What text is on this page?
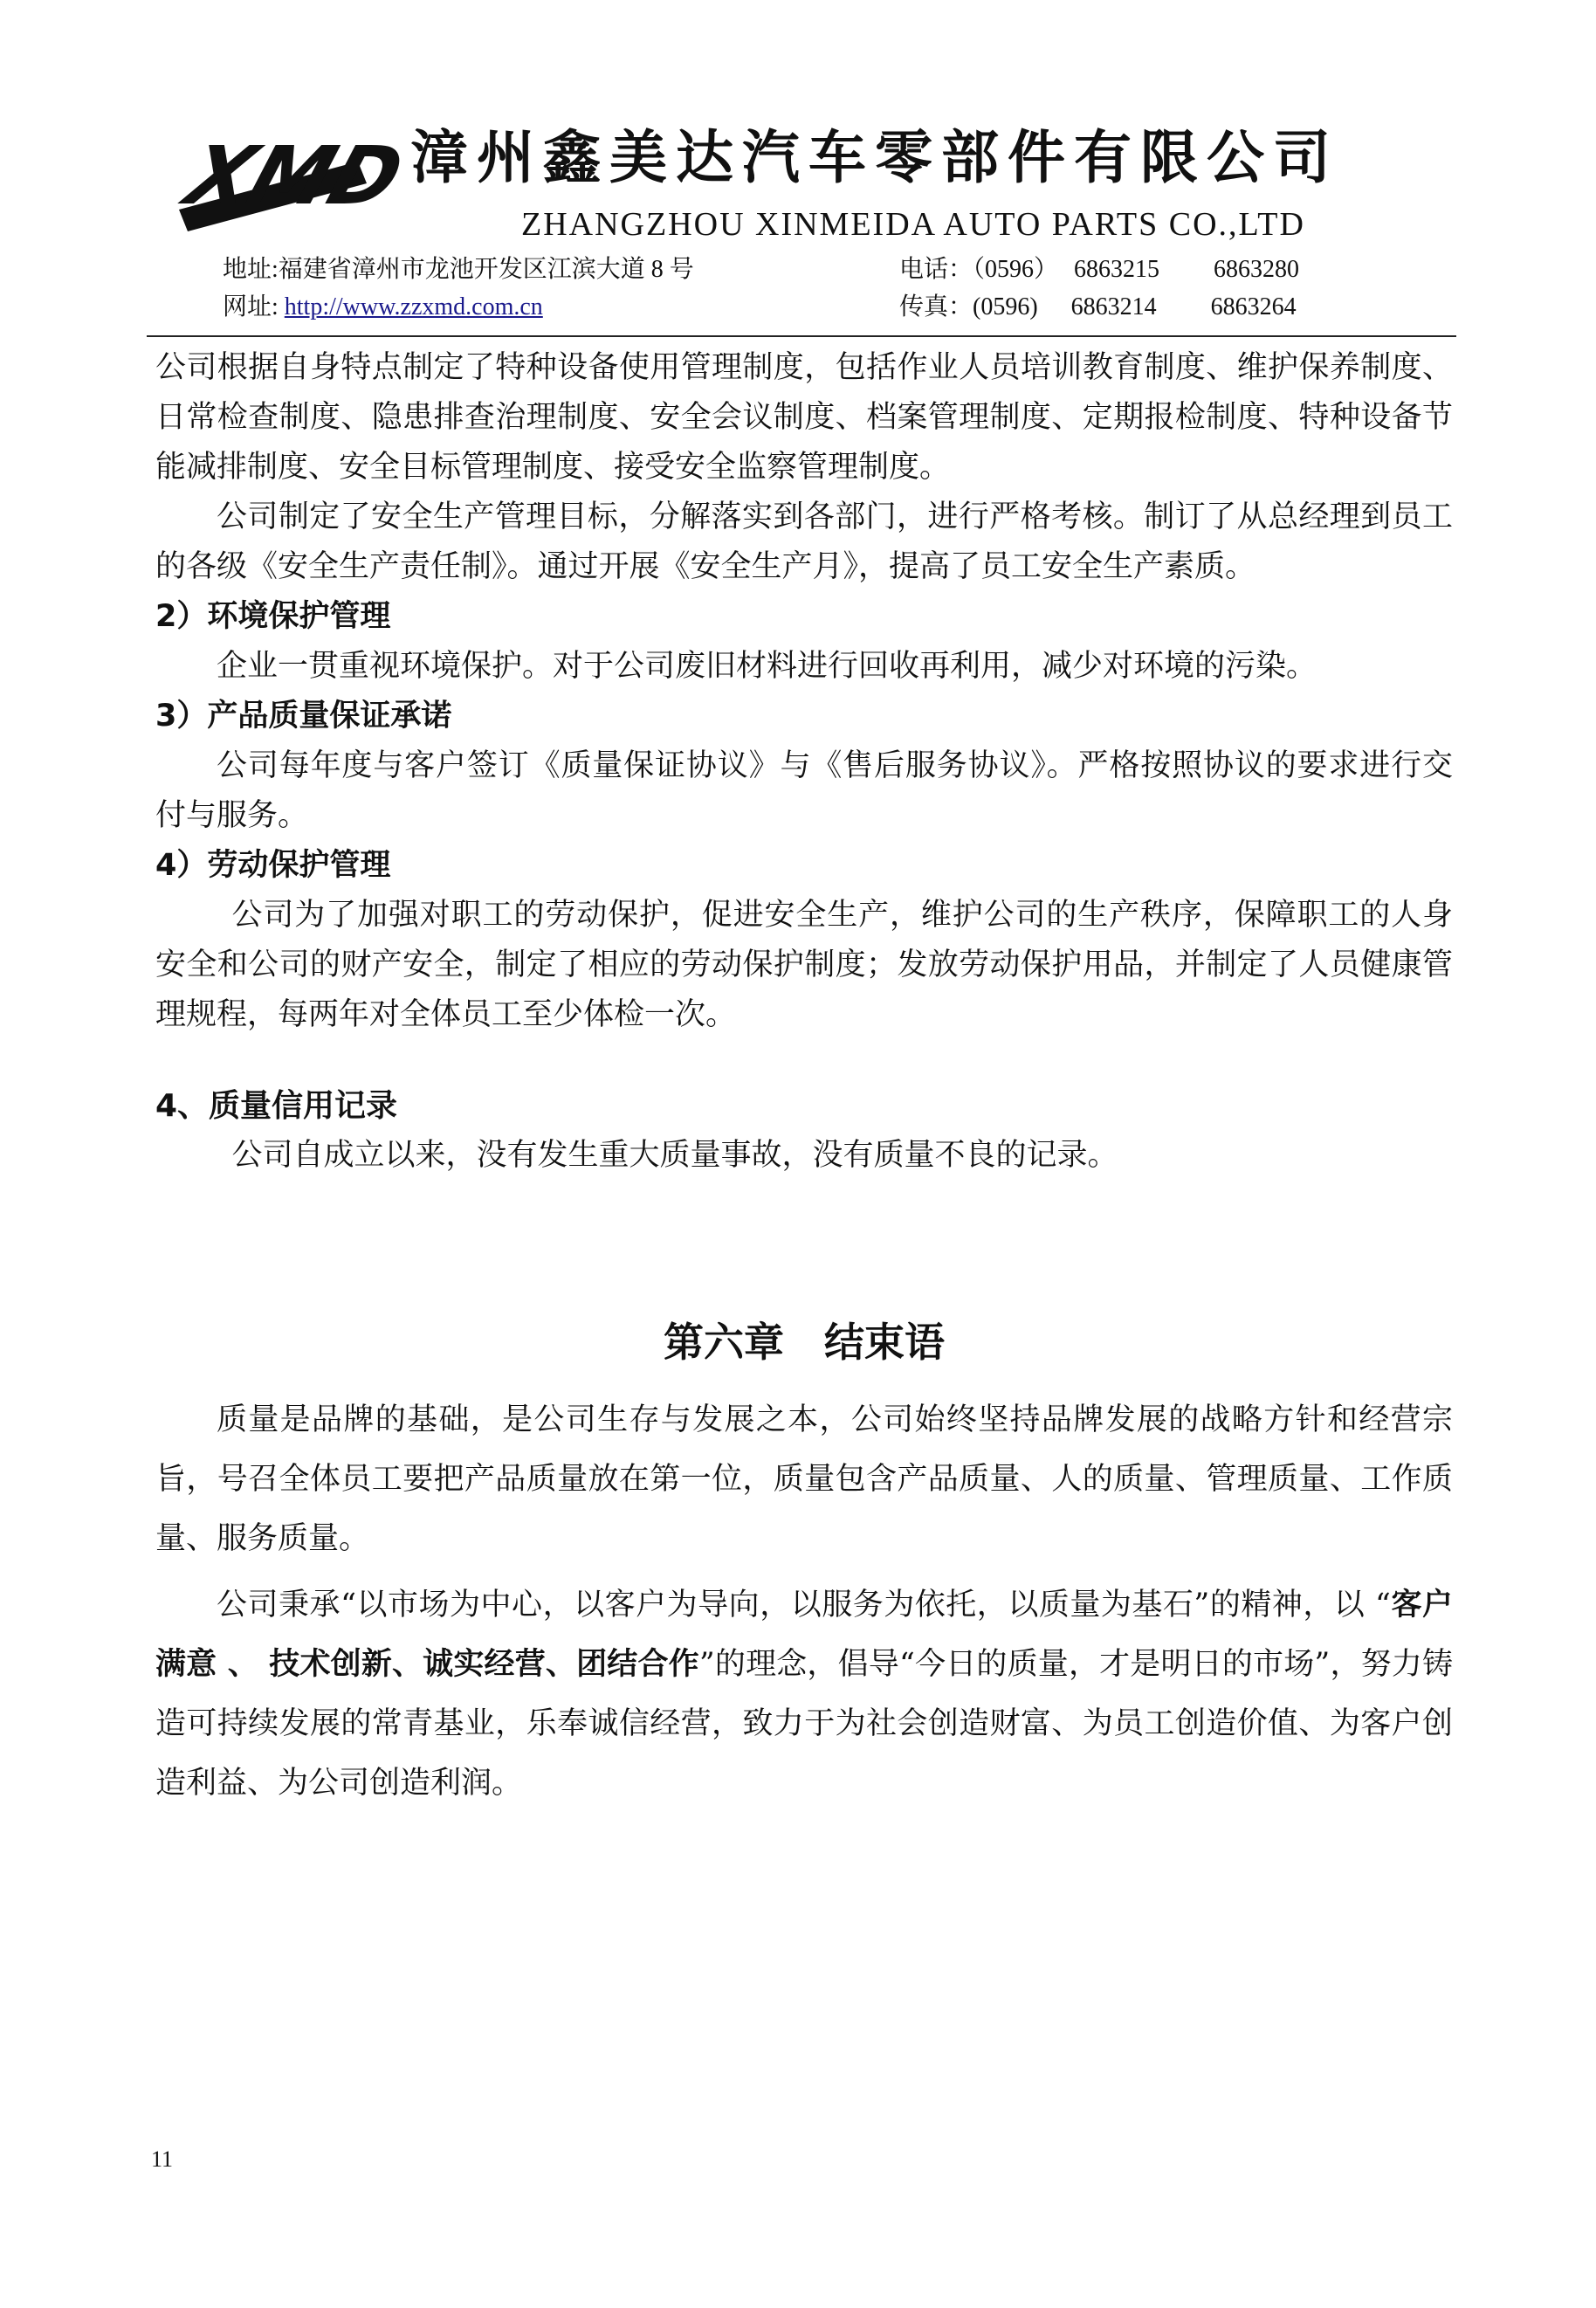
XMD
漳州鑫美达汽车零部件有限公司
ZHANGZHOU XINMEIDA AUTO PARTS CO.,LTD
地址:福建省漳州市龙池开发区江滨大道 8 号	电话：（0596） 6863215 6863280
网址: http://www.zzxmd.com.cn	传真：(0596) 6863214 6863264

公司根据自身特点制定了特种设备使用管理制度，包括作业人员培训教育制度、维护保养制度、日常检查制度、隐患排查治理制度、安全会议制度、档案管理制度、定期报检制度、特种设备节能减排制度、安全目标管理制度、接受安全监察管理制度。

公司制定了安全生产管理目标，分解落实到各部门，进行严格考核。制订了从总经理到员工的各级《安全生产责任制》。通过开展《安全生产月》，提高了员工安全生产素质。

2）环境保护管理

企业一贯重视环境保护。对于公司废旧材料进行回收再利用，减少对环境的污染。

3）产品质量保证承诺

公司每年度与客户签订《质量保证协议》与《售后服务协议》。严格按照协议的要求进行交付与服务。

4）劳动保护管理

公司为了加强对职工的劳动保护，促进安全生产，维护公司的生产秩序，保障职工的人身安全和公司的财产安全，制定了相应的劳动保护制度；发放劳动保护用品，并制定了人员健康管理规程，每两年对全体员工至少体检一次。

4、质量信用记录

公司自成立以来，没有发生重大质量事故，没有质量不良的记录。

第六章　结束语

质量是品牌的基础，是公司生存与发展之本，公司始终坚持品牌发展的战略方针和经营宗旨，号召全体员工要把产品质量放在第一位，质量包含产品质量、人的质量、管理质量、工作质量、服务质量。

公司秉承“以市场为中心，以客户为导向，以服务为依托，以质量为基石”的精神，以 “客户满意 、 技术创新、诚实经营、团结合作”的理念，倡导“今日的质量，才是明日的市场”，努力铸造可持续发展的常青基业，乐奉诚信经营，致力于为社会创造财富、为员工创造价值、为客户创造利益、为公司创造利润。

11
